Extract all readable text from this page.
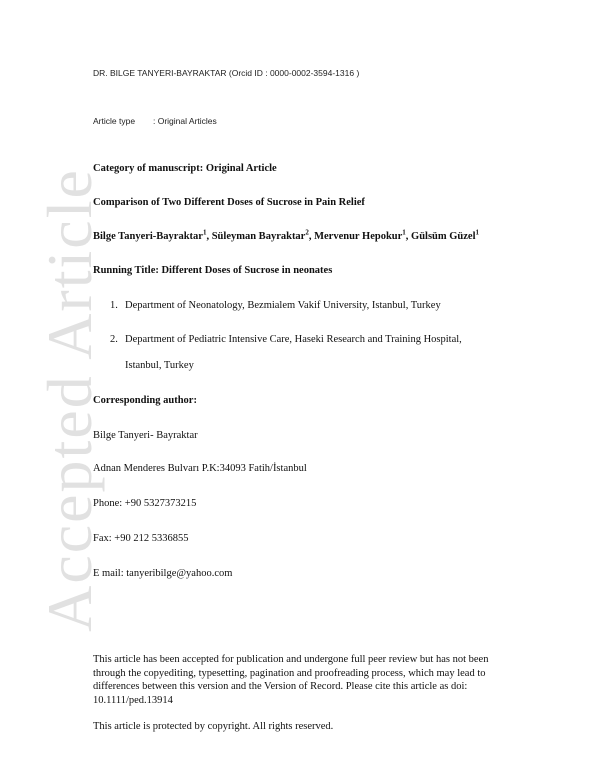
Accepted Article
DR. BILGE TANYERI-BAYRAKTAR (Orcid ID : 0000-0002-3594-1316 )
Article type : Original Articles
Category of manuscript: Original Article
Comparison of Two Different Doses of Sucrose in Pain Relief
Bilge Tanyeri-Bayraktar$^1$, Süleyman Bayraktar$^2$, Mervenur Hepokur$^1$, Gülsüm Güzel$^1$
Running Title: Different Doses of Sucrose in neonates
1. Department of Neonatology, Bezmialem Vakif University, Istanbul, Turkey
2. Department of Pediatric Intensive Care, Haseki Research and Training Hospital,
Istanbul, Turkey
Corresponding author:
Bilge Tanyeri- Bayraktar
Adnan Menderes Bulvarı P.K:34093 Fatih/İstanbul
Phone: +90 5327373215
Fax: +90 212 5336855
E mail: tanyeribilge@yahoo.com
This article has been accepted for publication and undergone full peer review but has not been through the copyediting, typesetting, pagination and proofreading process, which may lead to differences between this version and the Version of Record. Please cite this article as doi: 10.1111/ped.13914
This article is protected by copyright. All rights reserved.
